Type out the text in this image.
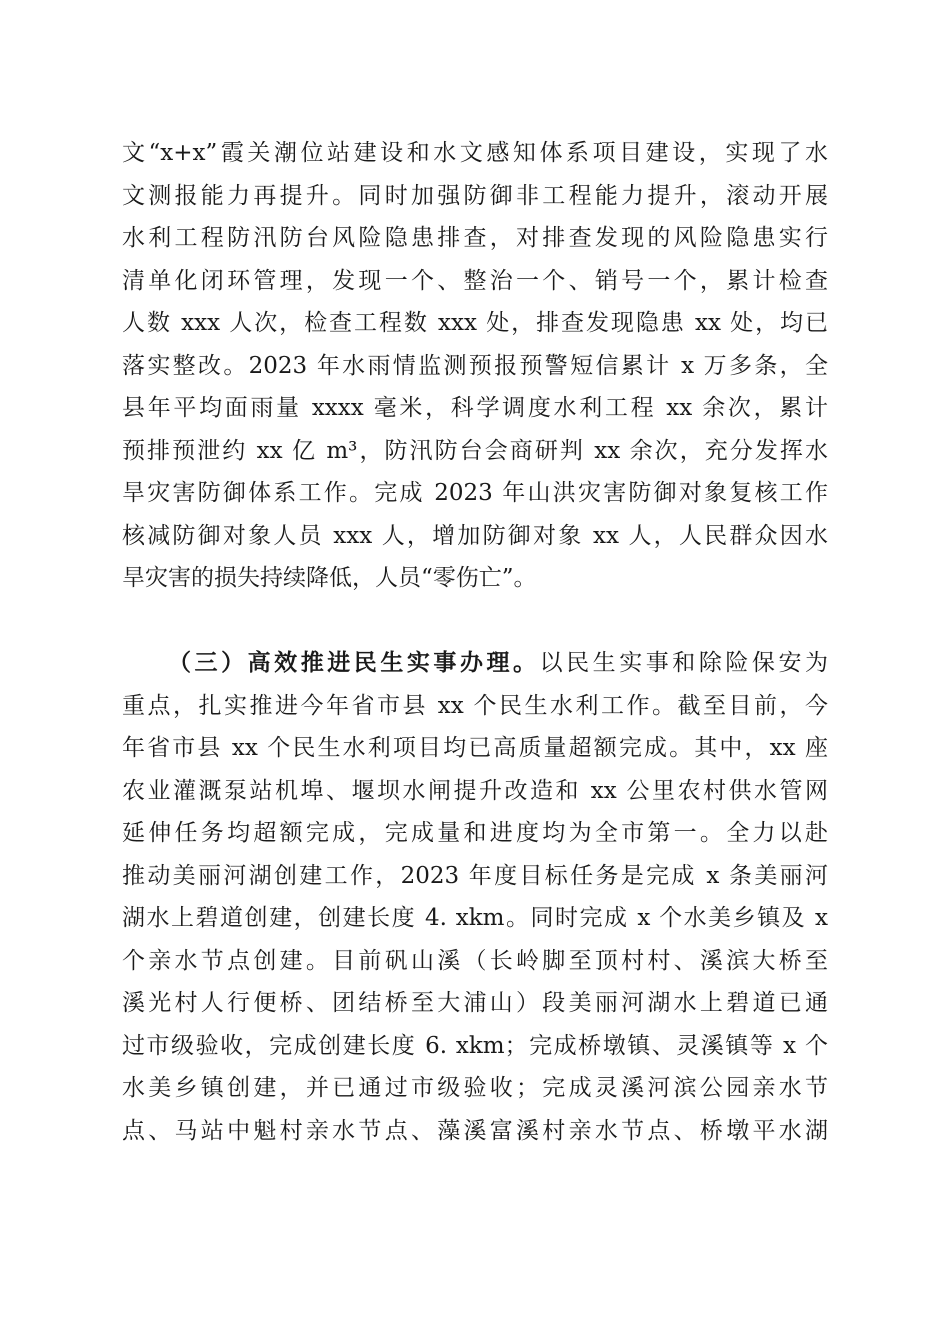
文“x+x”霞关潮位站建设和水文感知体系项目建设，实现了水
文测报能力再提升。同时加强防御非工程能力提升，滚动开展
水利工程防汛防台风险隐患排查，对排查发现的风险隐患实行
清单化闭环管理，发现一个、整治一个、销号一个，累计检查
人数 xxx 人次，检查工程数 xxx 处，排查发现隐患 xx 处，均已
落实整改。2023 年水雨情监测预报预警短信累计 x 万多条，全
县年平均面雨量 xxxx 毫米，科学调度水利工程 xx 余次，累计
预排预泄约 xx 亿 m³，防汛防台会商研判 xx 余次，充分发挥水
旱灾害防御体系工作。完成 2023 年山洪灾害防御对象复核工作
核减防御对象人员 xxx 人，增加防御对象 xx 人，人民群众因水
旱灾害的损失持续降低，人员“零伤亡”。
（三）高效推进民生实事办理。以民生实事和除险保安为
重点，扎实推进今年省市县 xx 个民生水利工作。截至目前，今
年省市县 xx 个民生水利项目均已高质量超额完成。其中，xx 座
农业灌溉泵站机埠、堰坝水闸提升改造和 xx 公里农村供水管网
延伸任务均超额完成，完成量和进度均为全市第一。全力以赴
推动美丽河湖创建工作，2023 年度目标任务是完成 x 条美丽河
湖水上碧道创建，创建长度 4. xkm。同时完成 x 个水美乡镇及 x
个亲水节点创建。目前矾山溪（长岭脚至顶村村、溪滨大桥至
溪光村人行便桥、团结桥至大浦山）段美丽河湖水上碧道已通
过市级验收，完成创建长度 6. xkm；完成桥墩镇、灵溪镇等 x 个
水美乡镇创建，并已通过市级验收；完成灵溪河滨公园亲水节
点、马站中魁村亲水节点、藻溪富溪村亲水节点、桥墩平水湖
